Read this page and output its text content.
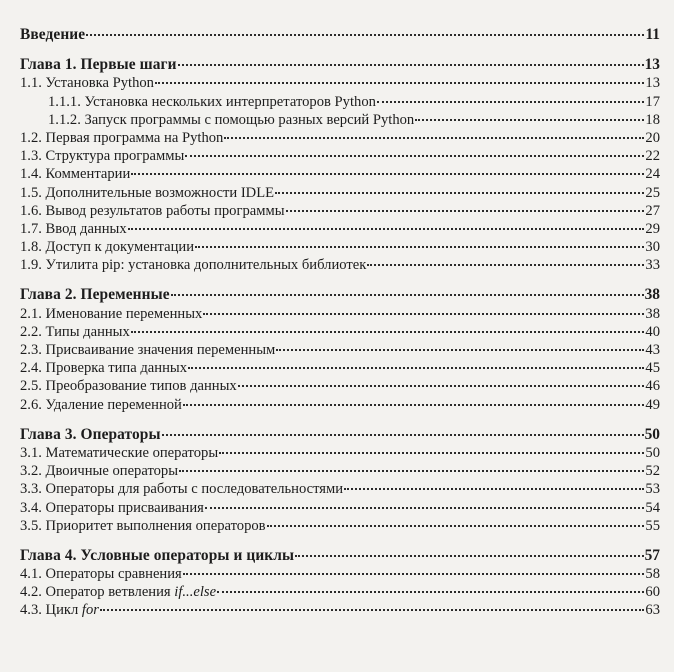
Введение	11
Глава 1. Первые шаги	13
1.1. Установка Python	13
1.1.1. Установка нескольких интерпретаторов Python	17
1.1.2. Запуск программы с помощью разных версий Python	18
1.2. Первая программа на Python	20
1.3. Структура программы	22
1.4. Комментарии	24
1.5. Дополнительные возможности IDLE	25
1.6. Вывод результатов работы программы	27
1.7. Ввод данных	29
1.8. Доступ к документации	30
1.9. Утилита pip: установка дополнительных библиотек	33
Глава 2. Переменные	38
2.1. Именование переменных	38
2.2. Типы данных	40
2.3. Присваивание значения переменным	43
2.4. Проверка типа данных	45
2.5. Преобразование типов данных	46
2.6. Удаление переменной	49
Глава 3. Операторы	50
3.1. Математические операторы	50
3.2. Двоичные операторы	52
3.3. Операторы для работы с последовательностями	53
3.4. Операторы присваивания	54
3.5. Приоритет выполнения операторов	55
Глава 4. Условные операторы и циклы	57
4.1. Операторы сравнения	58
4.2. Оператор ветвления if...else	60
4.3. Цикл for	63
